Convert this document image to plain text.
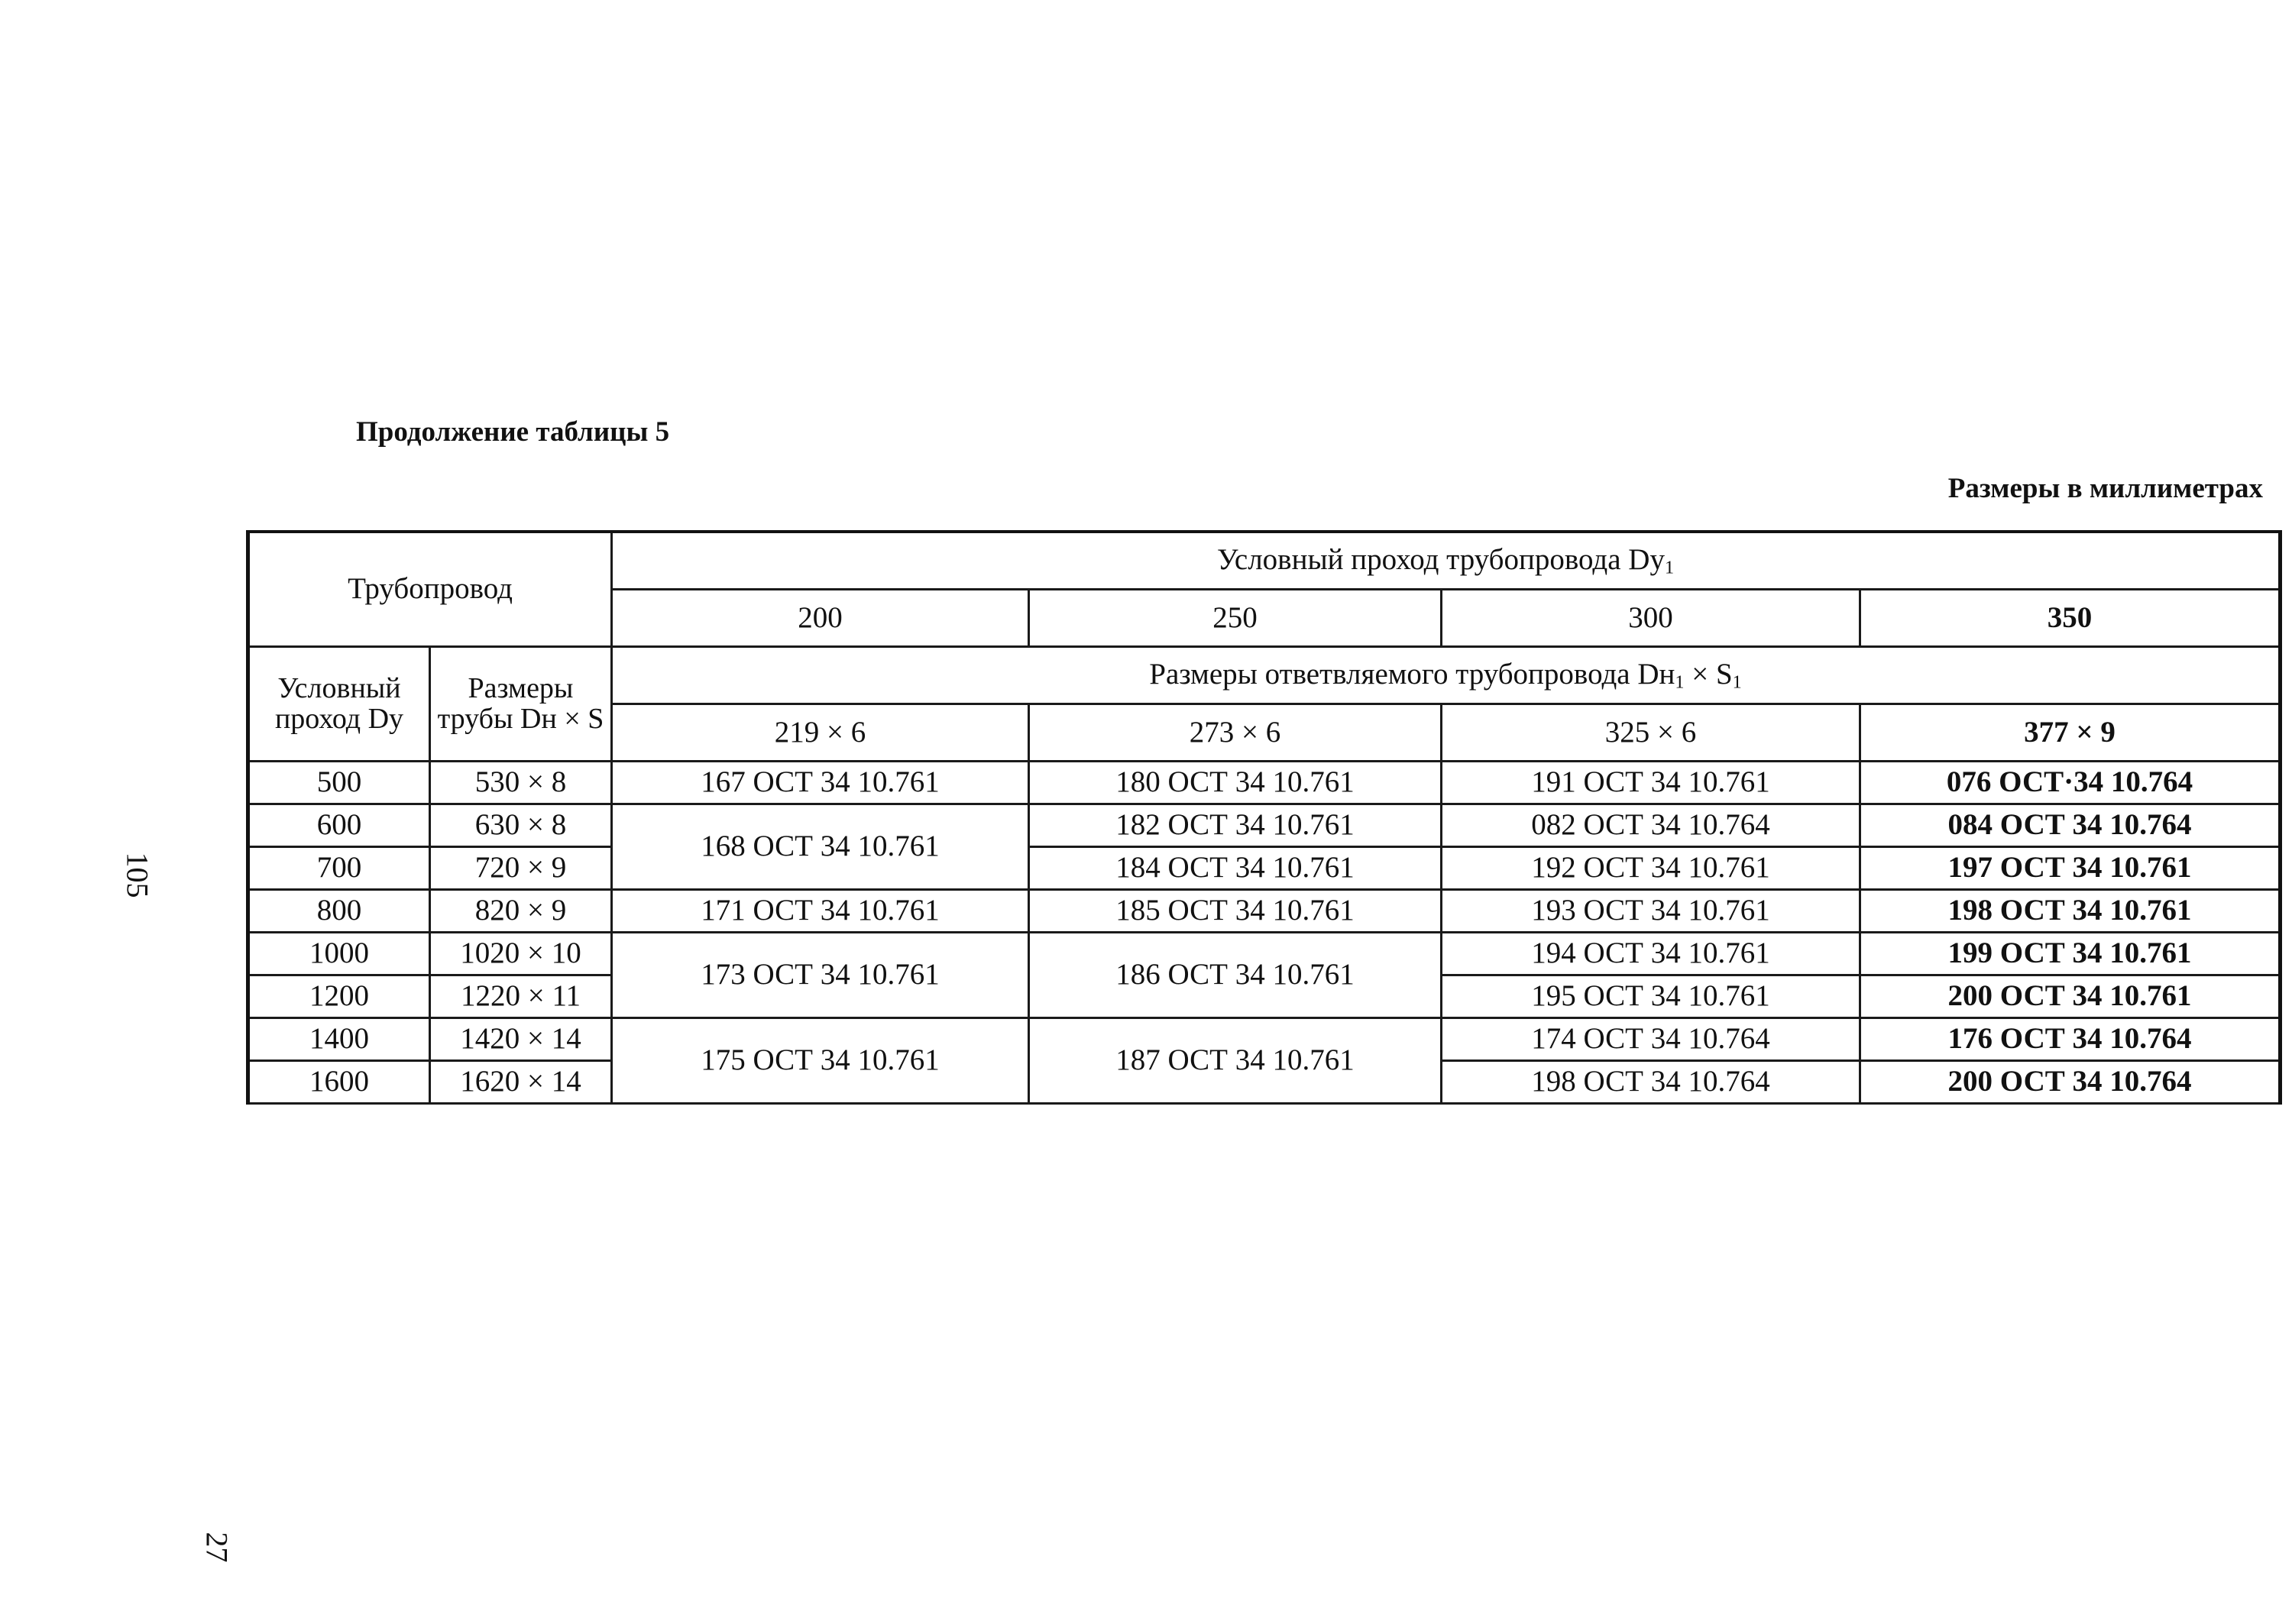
Продолжение таблицы 5
Размеры в миллиметрах
105
27
Трубопровод		Условный проход трубопровода $Dy_1$
		200	250	300	350
Условный проход Dy	Размеры трубы Dн × S	Размеры ответвляемого трубопровода $Dн_1 \times S_1$
		219 × 6	273 × 6	325 × 6	377 × 9
500	530 × 8	167 ОСТ 34 10.761	180 ОСТ 34 10.761	191 ОСТ 34 10.761	076 ОСТ·34 10.764
600	630 × 8	168 ОСТ 34 10.761	182 ОСТ 34 10.761	082 ОСТ 34 10.764	084 ОСТ 34 10.764
700	720 × 9		184 ОСТ 34 10.761	192 ОСТ 34 10.761	197 ОСТ 34 10.761
800	820 × 9	171 ОСТ 34 10.761	185 ОСТ 34 10.761	193 ОСТ 34 10.761	198 ОСТ 34 10.761
1000	1020 × 10	173 ОСТ 34 10.761	186 ОСТ 34 10.761	194 ОСТ 34 10.761	199 ОСТ 34 10.761
1200	1220 × 11			195 ОСТ 34 10.761	200 ОСТ 34 10.761
1400	1420 × 14	175 ОСТ 34 10.761	187 ОСТ 34 10.761	174 ОСТ 34 10.764	176 ОСТ 34 10.764
1600	1620 × 14			198 ОСТ 34 10.764	200 ОСТ 34 10.764
